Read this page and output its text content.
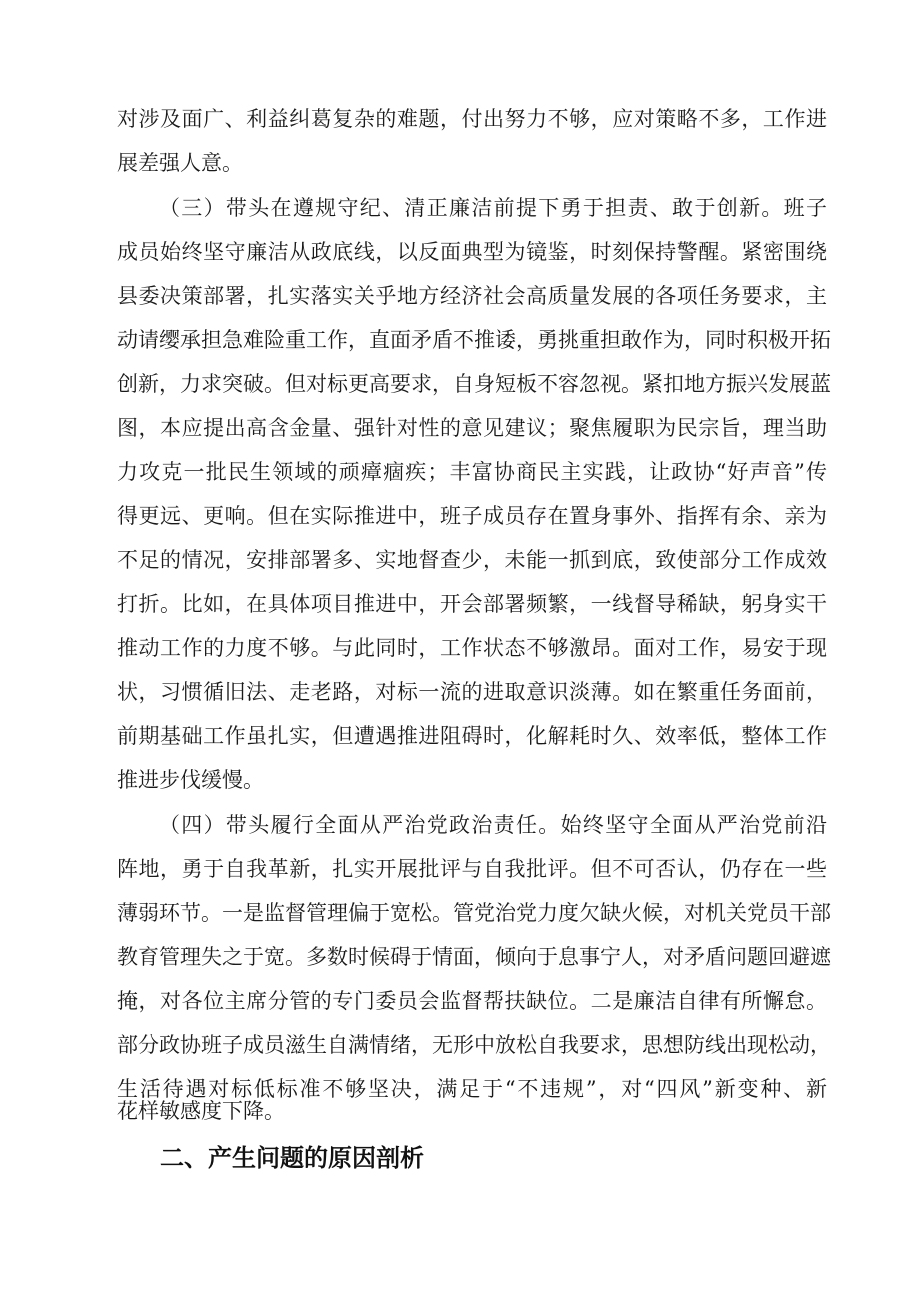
对涉及面广、利益纠葛复杂的难题，付出努力不够，应对策略不多，工作进
展差强人意。
（三）带头在遵规守纪、清正廉洁前提下勇于担责、敢于创新。班子
成员始终坚守廉洁从政底线，以反面典型为镜鉴，时刻保持警醒。紧密围绕
县委决策部署，扎实落实关乎地方经济社会高质量发展的各项任务要求，主
动请缨承担急难险重工作，直面矛盾不推诿，勇挑重担敢作为，同时积极开拓
创新，力求突破。但对标更高要求，自身短板不容忽视。紧扣地方振兴发展蓝
图，本应提出高含金量、强针对性的意见建议；聚焦履职为民宗旨，理当助
力攻克一批民生领域的顽瘴痼疾；丰富协商民主实践，让政协“好声音”传
得更远、更响。但在实际推进中，班子成员存在置身事外、指挥有余、亲为
不足的情况，安排部署多、实地督查少，未能一抓到底，致使部分工作成效
打折。比如，在具体项目推进中，开会部署频繁，一线督导稀缺，躬身实干
推动工作的力度不够。与此同时，工作状态不够激昂。面对工作，易安于现
状，习惯循旧法、走老路，对标一流的进取意识淡薄。如在繁重任务面前，
前期基础工作虽扎实，但遭遇推进阻碍时，化解耗时久、效率低，整体工作
推进步伐缓慢。
（四）带头履行全面从严治党政治责任。始终坚守全面从严治党前沿
阵地，勇于自我革新，扎实开展批评与自我批评。但不可否认，仍存在一些
薄弱环节。一是监督管理偏于宽松。管党治党力度欠缺火候，对机关党员干部
教育管理失之于宽。多数时候碍于情面，倾向于息事宁人，对矛盾问题回避遮
掩，对各位主席分管的专门委员会监督帮扶缺位。二是廉洁自律有所懈怠。
部分政协班子成员滋生自满情绪，无形中放松自我要求，思想防线出现松动，
生活待遇对标低标准不够坚决，满足于“不违规”，对“四风”新变种、新
花样敏感度下降。
二、产生问题的原因剖析
